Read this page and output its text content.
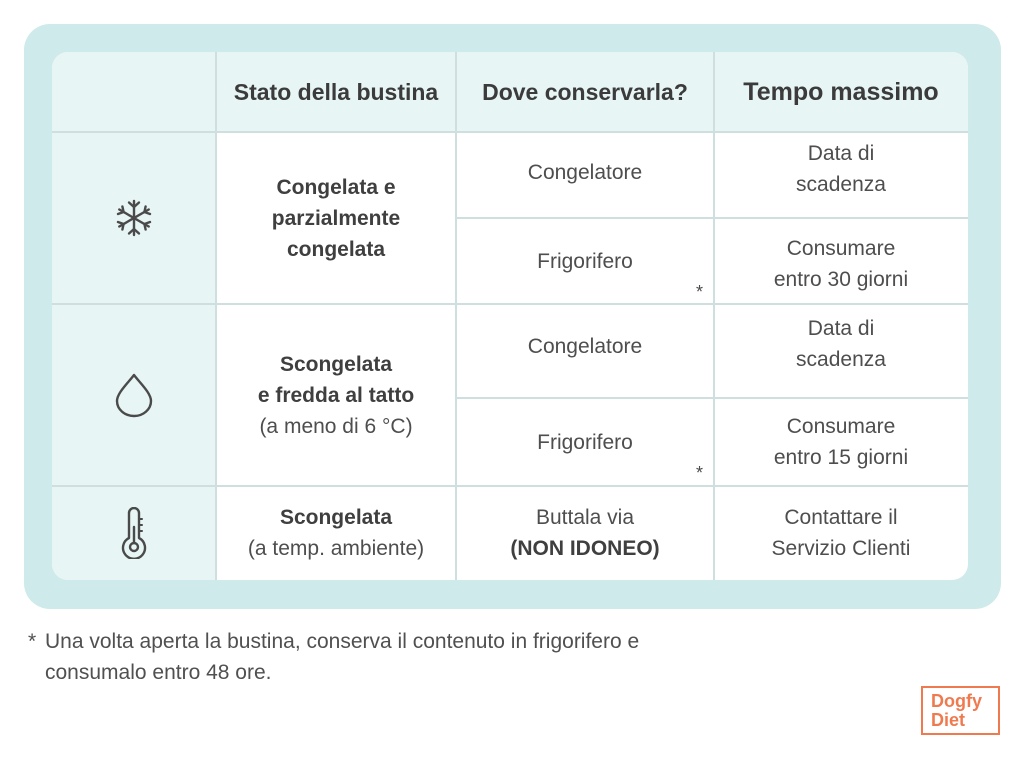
Stato della bustina	Dove conservarla?	Tempo massimo
Congelata e
parzialmente
congelata
Scongelata
e fredda al tatto
(a meno di 6 °C)
Scongelata
(a temp. ambiente)
Congelatore
Frigorifero
Congelatore
Frigorifero
Buttala via
(NON IDONEO)
*
*
Data di
scadenza
Consumare
entro 30 giorni
Data di
scadenza
Consumare
entro 15 giorni
Contattare il
Servizio Clienti
* Una volta aperta la bustina, conserva il contenuto in frigorifero e
consumalo entro 48 ore.
Dogfy
Diet
